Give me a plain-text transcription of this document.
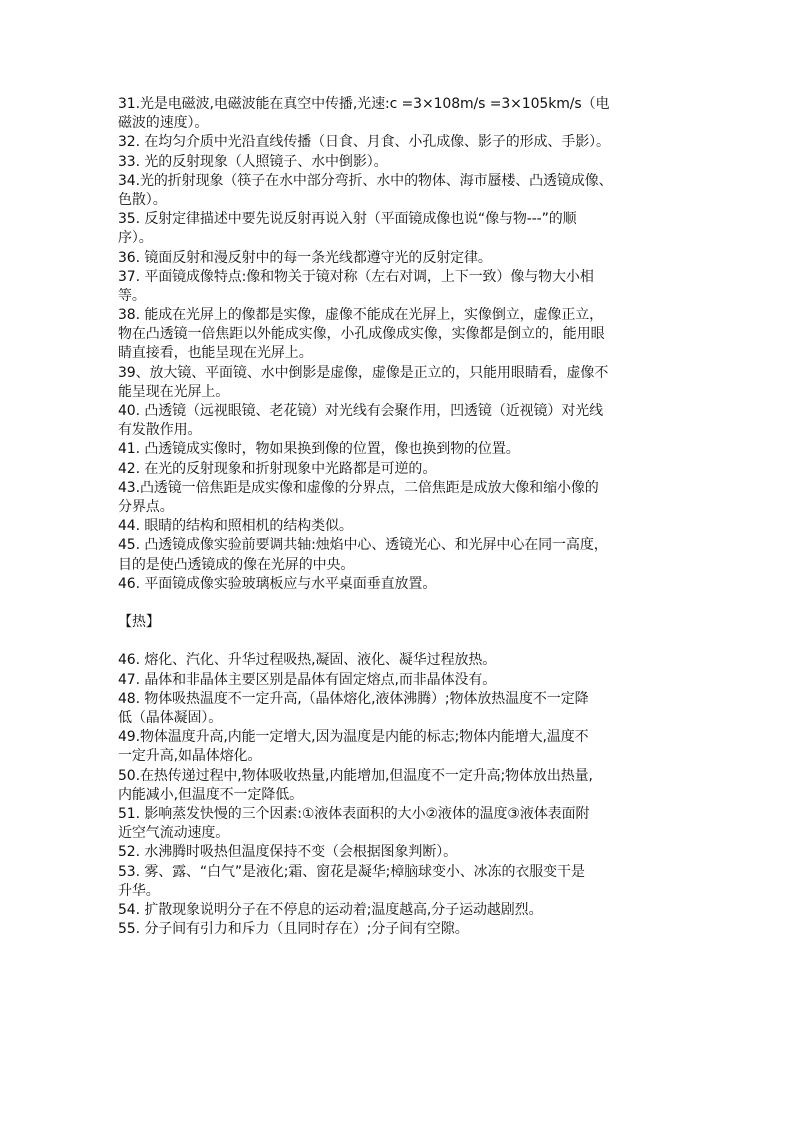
31.光是电磁波,电磁波能在真空中传播,光速:c =3×108m/s =3×105km/s（电
磁波的速度）。
32. 在均匀介质中光沿直线传播（日食、月食、小孔成像、影子的形成、手影）。
33. 光的反射现象（人照镜子、水中倒影）。
34.光的折射现象（筷子在水中部分弯折、水中的物体、海市蜃楼、凸透镜成像、
色散）。
35. 反射定律描述中要先说反射再说入射（平面镜成像也说“像与物---”的顺
序）。
36. 镜面反射和漫反射中的每一条光线都遵守光的反射定律。
37. 平面镜成像特点:像和物关于镜对称（左右对调，上下一致）像与物大小相
等。
38. 能成在光屏上的像都是实像，虚像不能成在光屏上，实像倒立，虚像正立，
物在凸透镜一倍焦距以外能成实像，小孔成像成实像，实像都是倒立的，能用眼
睛直接看，也能呈现在光屏上。
39、放大镜、平面镜、水中倒影是虚像，虚像是正立的，只能用眼睛看，虚像不
能呈现在光屏上。
40. 凸透镜（远视眼镜、老花镜）对光线有会聚作用，凹透镜（近视镜）对光线
有发散作用。
41. 凸透镜成实像时，物如果换到像的位置，像也换到物的位置。
42. 在光的反射现象和折射现象中光路都是可逆的。
43.凸透镜一倍焦距是成实像和虚像的分界点，二倍焦距是成放大像和缩小像的
分界点。
44. 眼睛的结构和照相机的结构类似。
45. 凸透镜成像实验前要调共轴:烛焰中心、透镜光心、和光屏中心在同一高度，
目的是使凸透镜成的像在光屏的中央。
46. 平面镜成像实验玻璃板应与水平桌面垂直放置。
【热】
46. 熔化、汽化、升华过程吸热,凝固、液化、凝华过程放热。
47. 晶体和非晶体主要区别是晶体有固定熔点,而非晶体没有。
48. 物体吸热温度不一定升高,（晶体熔化,液体沸腾）;物体放热温度不一定降
低（晶体凝固）。
49.物体温度升高,内能一定增大,因为温度是内能的标志;物体内能增大,温度不
一定升高,如晶体熔化。
50.在热传递过程中,物体吸收热量,内能增加,但温度不一定升高;物体放出热量,
内能减小,但温度不一定降低。
51. 影响蒸发快慢的三个因素:①液体表面积的大小②液体的温度③液体表面附
近空气流动速度。
52. 水沸腾时吸热但温度保持不变（会根据图象判断）。
53. 雾、露、“白气”是液化;霜、窗花是凝华;樟脑球变小、冰冻的衣服变干是
升华。
54. 扩散现象说明分子在不停息的运动着;温度越高,分子运动越剧烈。
55. 分子间有引力和斥力（且同时存在）;分子间有空隙。
